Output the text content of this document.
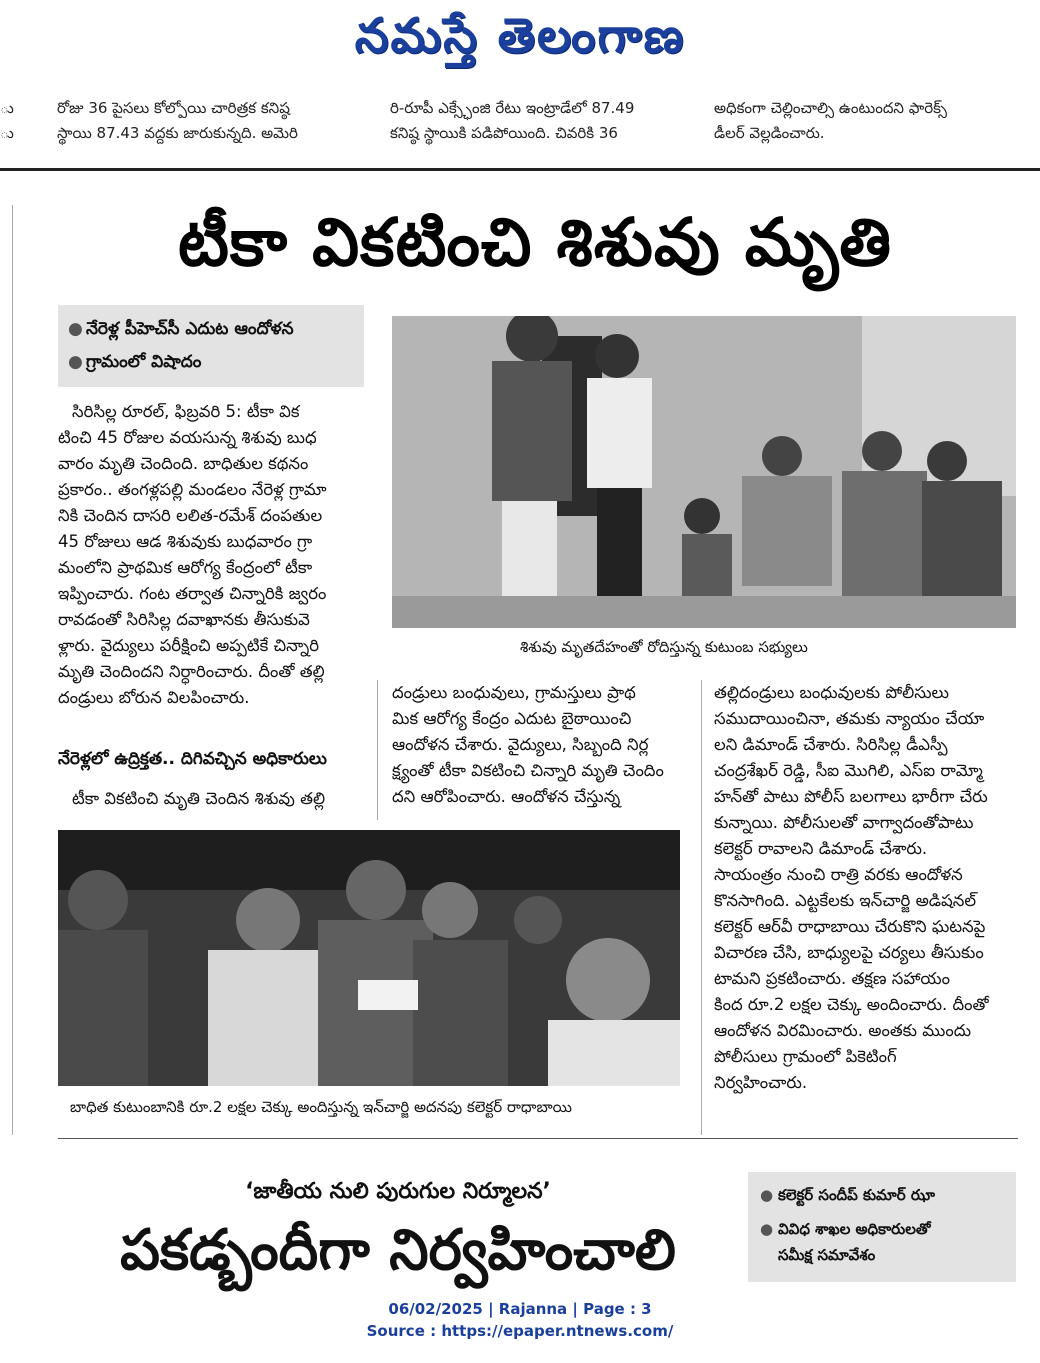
నమస్తే తెలంగాణ
ు
ు
రోజు 36 పైసలు కోల్పోయి చారిత్రక కనిష్ఠ
స్థాయి 87.43 వద్దకు జారుకున్నది. అమెరి
రి-రూపీ ఎక్స్ఛేంజి రేటు ఇంట్రాడేలో 87.49
కనిష్ఠ స్థాయికి పడిపోయింది. చివరికి 36
అధికంగా చెల్లించాల్సి ఉంటుందని ఫారెక్స్
డీలర్ వెల్లడించారు.
టీకా వికటించి శిశువు మృతి
● నేరెళ్ల పీహెచ్‌సీ ఎదుట ఆందోళన
● గ్రామంలో విషాదం
శిశువు మృతదేహంతో రోదిస్తున్న కుటుంబ సభ్యులు

సిరిసిల్ల రూరల్, ఫిబ్రవరి 5: టీకా విక

టించి 45 రోజుల వయసున్న శిశువు బుధ

వారం మృతి చెందింది. బాధితుల కథనం

ప్రకారం.. తంగళ్లపల్లి మండలం నేరెళ్ల గ్రామా

నికి చెందిన దాసరి లలిత-రమేశ్ దంపతుల

45 రోజులు ఆడ శిశువుకు బుధవారం గ్రా

మంలోని ప్రాథమిక ఆరోగ్య కేంద్రంలో టీకా

ఇప్పించారు. గంట తర్వాత చిన్నారికి జ్వరం

రావడంతో సిరిసిల్ల దవాఖానకు తీసుకువె

ళ్లారు. వైద్యులు పరీక్షించి అప్పటికే చిన్నారి

మృతి చెందిందని నిర్ధారించారు. దీంతో తల్లి

దండ్రులు బోరున విలపించారు.

నేరెళ్లలో ఉద్రిక్తత.. దిగివచ్చిన అధికారులు

టీకా వికటించి మృతి చెందిన శిశువు తల్లి

దండ్రులు బంధువులు, గ్రామస్తులు ప్రాథ

మిక ఆరోగ్య కేంద్రం ఎదుట బైఠాయించి

ఆందోళన చేశారు. వైద్యులు, సిబ్బంది నిర్ల

క్ష్యంతో టీకా వికటించి చిన్నారి మృతి చెందిం

దని ఆరోపించారు. ఆందోళన చేస్తున్న

తల్లిదండ్రులు బంధువులకు పోలీసులు

సముదాయించినా, తమకు న్యాయం చేయా

లని డిమాండ్ చేశారు. సిరిసిల్ల డీఎస్పీ

చంద్రశేఖర్ రెడ్డి, సీఐ మొగిలి, ఎస్ఐ రామ్మో

హన్‌తో పాటు పోలీస్ బలగాలు భారీగా చేరు

కున్నాయి. పోలీసులతో వాగ్వాదంతోపాటు

కలెక్టర్ రావాలని డిమాండ్ చేశారు.

సాయంత్రం నుంచి రాత్రి వరకు ఆందోళన

కొనసాగింది. ఎట్టకేలకు ఇన్‌చార్జి అడిషనల్

కలెక్టర్ ఆర్‌వీ రాధాబాయి చేరుకొని ఘటనపై

విచారణ చేసి, బాధ్యులపై చర్యలు తీసుకుం

టామని ప్రకటించారు. తక్షణ సహాయం

కింద రూ.2 లక్షల చెక్కు అందించారు. దీంతో

ఆందోళన విరమించారు. అంతకు ముందు

పోలీసులు గ్రామంలో పికెటింగ్

నిర్వహించారు.

బాధిత కుటుంబానికి రూ.2 లక్షల చెక్కు అందిస్తున్న ఇన్‌చార్జి అదనపు కలెక్టర్ రాధాబాయి
‘జాతీయ నులి పురుగుల నిర్మూలన’
పకడ్బందీగా నిర్వహించాలి
● కలెక్టర్ సందీప్ కుమార్ ఝా
● వివిధ శాఖల అధికారులతో
సమీక్ష సమావేశం
06/02/2025 | Rajanna | Page : 3
Source : https://epaper.ntnews.com/
